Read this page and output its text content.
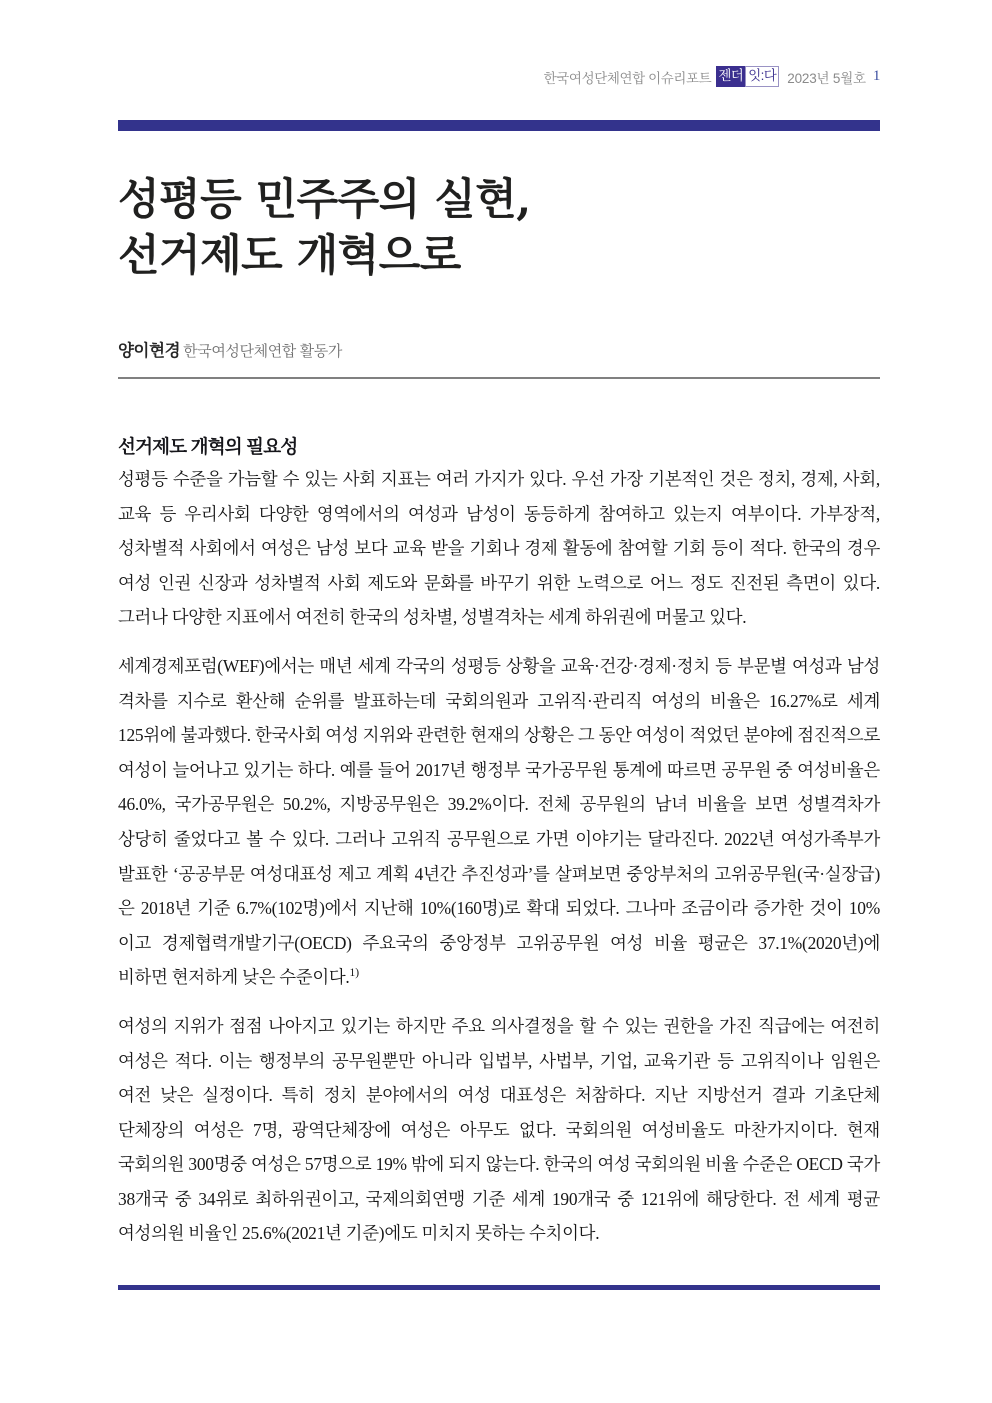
한국여성단체연합 이슈리포트 젠더 잇:다 2023년 5월호 1
성평등 민주주의 실현,
선거제도 개혁으로
양이현경 한국여성단체연합 활동가
선거제도 개혁의 필요성

성평등 수준을 가늠할 수 있는 사회 지표는 여러 가지가 있다. 우선 가장 기본적인 것은 정치, 경제, 사회, 교육 등 우리사회 다양한 영역에서의 여성과 남성이 동등하게 참여하고 있는지 여부이다. 가부장적, 성차별적 사회에서 여성은 남성 보다 교육 받을 기회나 경제 활동에 참여할 기회 등이 적다. 한국의 경우 여성 인권 신장과 성차별적 사회 제도와 문화를 바꾸기 위한 노력으로 어느 정도 진전된 측면이 있다. 그러나 다양한 지표에서 여전히 한국의 성차별, 성별격차는 세계 하위권에 머물고 있다.

세계경제포럼(WEF)에서는 매년 세계 각국의 성평등 상황을 교육·건강·경제·정치 등 부문별 여성과 남성 격차를 지수로 환산해 순위를 발표하는데 국회의원과 고위직·관리직 여성의 비율은 16.27%로 세계 125위에 불과했다. 한국사회 여성 지위와 관련한 현재의 상황은 그 동안 여성이 적었던 분야에 점진적으로 여성이 늘어나고 있기는 하다. 예를 들어 2017년 행정부 국가공무원 통계에 따르면 공무원 중 여성비율은 46.0%, 국가공무원은 50.2%, 지방공무원은 39.2%이다. 전체 공무원의 남녀 비율을 보면 성별격차가 상당히 줄었다고 볼 수 있다. 그러나 고위직 공무원으로 가면 이야기는 달라진다. 2022년 여성가족부가 발표한 ‘공공부문 여성대표성 제고 계획 4년간 추진성과’를 살펴보면 중앙부처의 고위공무원(국·실장급)은 2018년 기준 6.7%(102명)에서 지난해 10%(160명)로 확대 되었다. 그나마 조금이라 증가한 것이 10%이고 경제협력개발기구(OECD) 주요국의 중앙정부 고위공무원 여성 비율 평균은 37.1%(2020년)에 비하면 현저하게 낮은 수준이다.$^{1)}$

여성의 지위가 점점 나아지고 있기는 하지만 주요 의사결정을 할 수 있는 권한을 가진 직급에는 여전히 여성은 적다. 이는 행정부의 공무원뿐만 아니라 입법부, 사법부, 기업, 교육기관 등 고위직이나 임원은 여전 낮은 실정이다. 특히 정치 분야에서의 여성 대표성은 처참하다. 지난 지방선거 결과 기초단체 단체장의 여성은 7명, 광역단체장에 여성은 아무도 없다. 국회의원 여성비율도 마찬가지이다. 현재 국회의원 300명중 여성은 57명으로 19% 밖에 되지 않는다. 한국의 여성 국회의원 비율 수준은 OECD 국가 38개국 중 34위로 최하위권이고, 국제의회연맹 기준 세계 190개국 중 121위에 해당한다. 전 세계 평균 여성의원 비율인 25.6%(2021년 기준)에도 미치지 못하는 수치이다.
